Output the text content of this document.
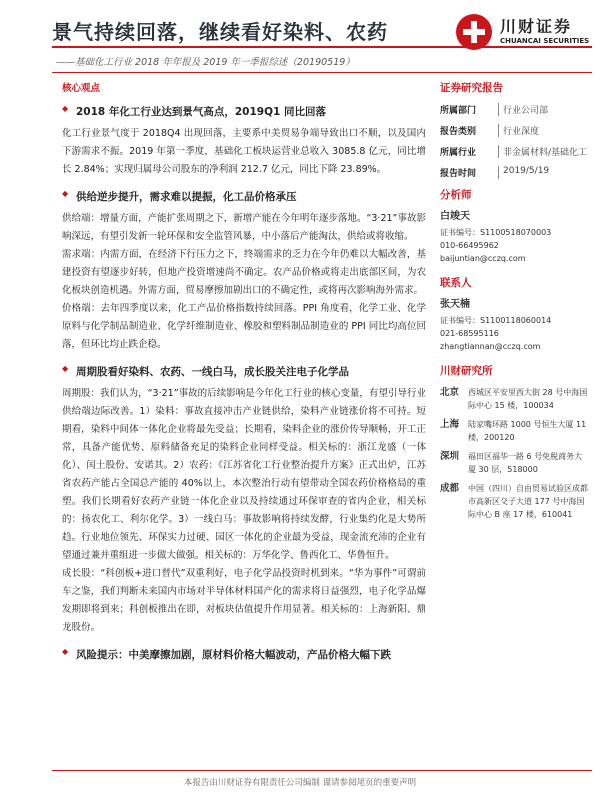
景气持续回落，继续看好染料、农药
——基础化工行业 2018 年年报及 2019 年一季报综述（20190519）
川财证券
CHUANCAI SECURITIES
核心观点
◆ 2018 年化工行业达到景气高点，2019Q1 同比回落

化工行业景气度于 2018Q4 出现回落，主要系中美贸易争端导致出口不顺，以及国内下游需求不振。2019 年第一季度，基础化工板块运营业总收入 3085.8 亿元，同比增长 2.84%；实现归属母公司股东的净利润 212.7 亿元，同比下降 23.89%。

◆ 供给逆步提升，需求难以提振，化工品价格承压

供给端：增量方面，产能扩张周期之下，新增产能在今年明年逐步落地。“3·21”事故影响深远，有望引发新一轮环保和安全监管风暴，中小落后产能淘汰，供给或将收缩。

需求端：内需方面，在经济下行压力之下，终端需求的乏力在今年仍难以大幅改善，基建投资有望逐步好转，但地产投资增速尚不确定。农产品价格或将走出底部区间，为农化板块创造机遇。外需方面，贸易摩擦加剧出口的不确定性，或将再次影响海外需求。

价格端：去年四季度以来，化工产品价格指数持续回落。PPI 角度看，化学工业、化学原料与化学制品制造业、化学纤维制造业、橡胶和塑料制品制造业的 PPI 同比均高位回落，但环比均止跌企稳。

◆ 周期股看好染料、农药、一线白马，成长股关注电子化学品

周期股：我们认为，“3·21”事故的后续影响是今年化工行业的核心变量，有望引导行业供给端边际改善。1）染料：事故直接冲击产业链供给，染料产业链涨价将不可持。短期看，染料中间体一体化企业将最先受益；长期看，染料企业的涨价传导顺畅，开工正常，具备产能优势、原料储备充足的染料企业同样受益。相关标的：浙江龙盛（一体化）、闰土股份、安诺其。2）农药：《江苏省化工行业整治提升方案》正式出炉，江苏省农药产能占全国总产能的 40%以上，本次整治行动有望带动全国农药价格格局的重塑。我们长期看好农药产业链一体化企业以及持续通过环保审查的省内企业，相关标的：扬农化工、利尔化学。3）一线白马：事故影响将持续发酵，行业集约化是大势所趋。行业地位领先、环保实力过硬、园区一体化的企业最为受益，现金流充沛的企业有望通过兼并重组进一步做大做强。相关标的：万华化学、鲁西化工、华鲁恒升。

成长股：“科创板+进口替代”双重利好，电子化学品投资时机到来。“华为事件”可谓前车之鉴，我们判断未来国内市场对半导体材料国产化的需求将日益强烈，电子化学品爆发期即将到来；科创板推出在即，对板块估值提升作用显著。相关标的：上海新阳、鼎龙股份。

◆ 风险提示：中美摩擦加剧，原材料价格大幅波动，产品价格大幅下跌
证券研究报告
所属部门	行业公司部
报告类别	行业深度
所属行业	非金属材料/基础化工
报告时间	2019/5/19
分析师
白竣天
证书编号：S1100518070003
010-66495962
baijuntian@cczq.com
联系人
张天楠
证书编号：S1100118060014
021-68595116
zhangtiannan@cczq.com
川财研究所
北京	西城区平安里西大街 28 号中海国际中心 15 楼，100034
上海	陆家嘴环路 1000 号恒生大厦 11 楼，200120
深圳	福田区福华一路 6 号免税商务大厦 30 层，518000
成都	中国（四川）自由贸易试验区成都市高新区交子大道 177 号中海国际中心 B 座 17 楼，610041
本报告由川财证券有限责任公司编制 谨请参阅尾页的重要声明
